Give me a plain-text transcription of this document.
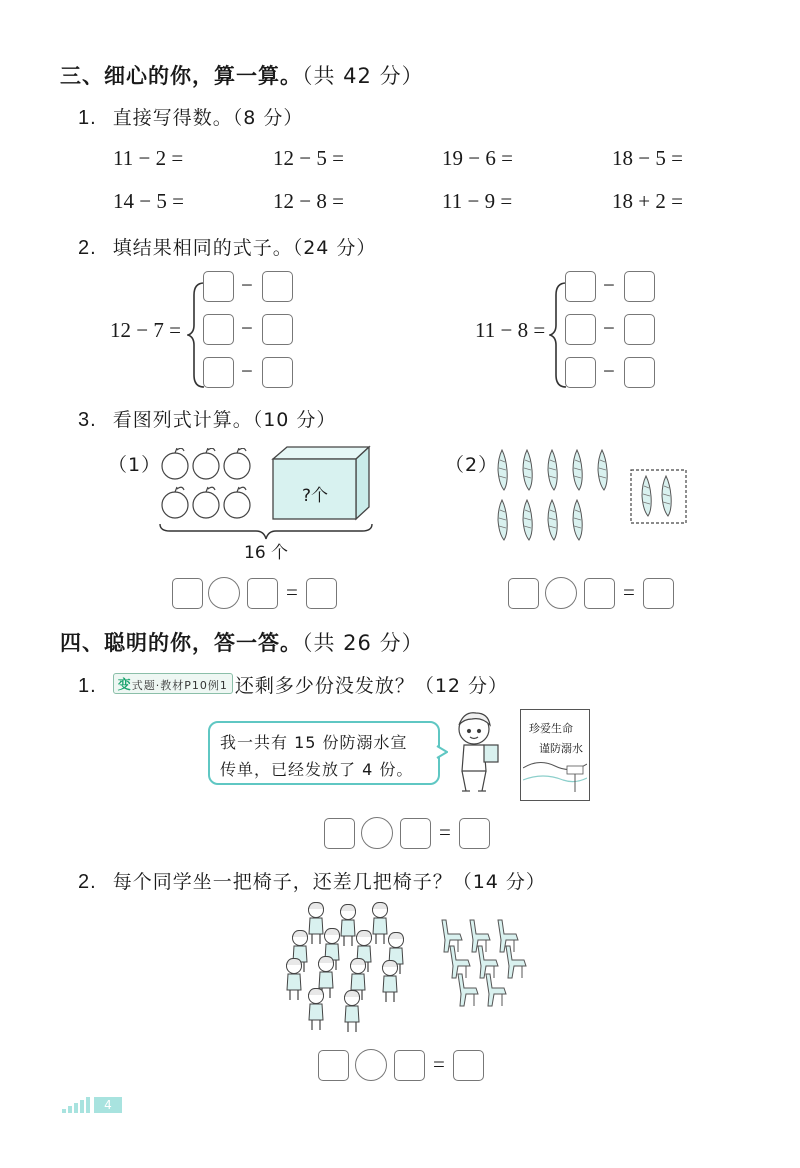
三、细心的你，算一算。（共 42 分）
1. 直接写得数。（8 分）
11 − 2 =	12 − 5 =	19 − 6 =	18 − 5 =
14 − 5 =	12 − 8 =	11 − 9 =	18 + 2 =
2. 填结果相同的式子。（24 分）
12 − 7 =
−
−
−
11 − 8 =
−
−
−
3. 看图列式计算。（10 分）
（1）
?个
16 个
=
（2）
=
四、聪明的你，答一答。（共 26 分）
1. 变式题·教材P10例1 还剩多少份没发放？（12 分）
我一共有 15 份防溺水宣
传单，已经发放了 4 份。
珍爱生命
谨防溺水
=
2. 每个同学坐一把椅子，还差几把椅子？（14 分）
=
4
